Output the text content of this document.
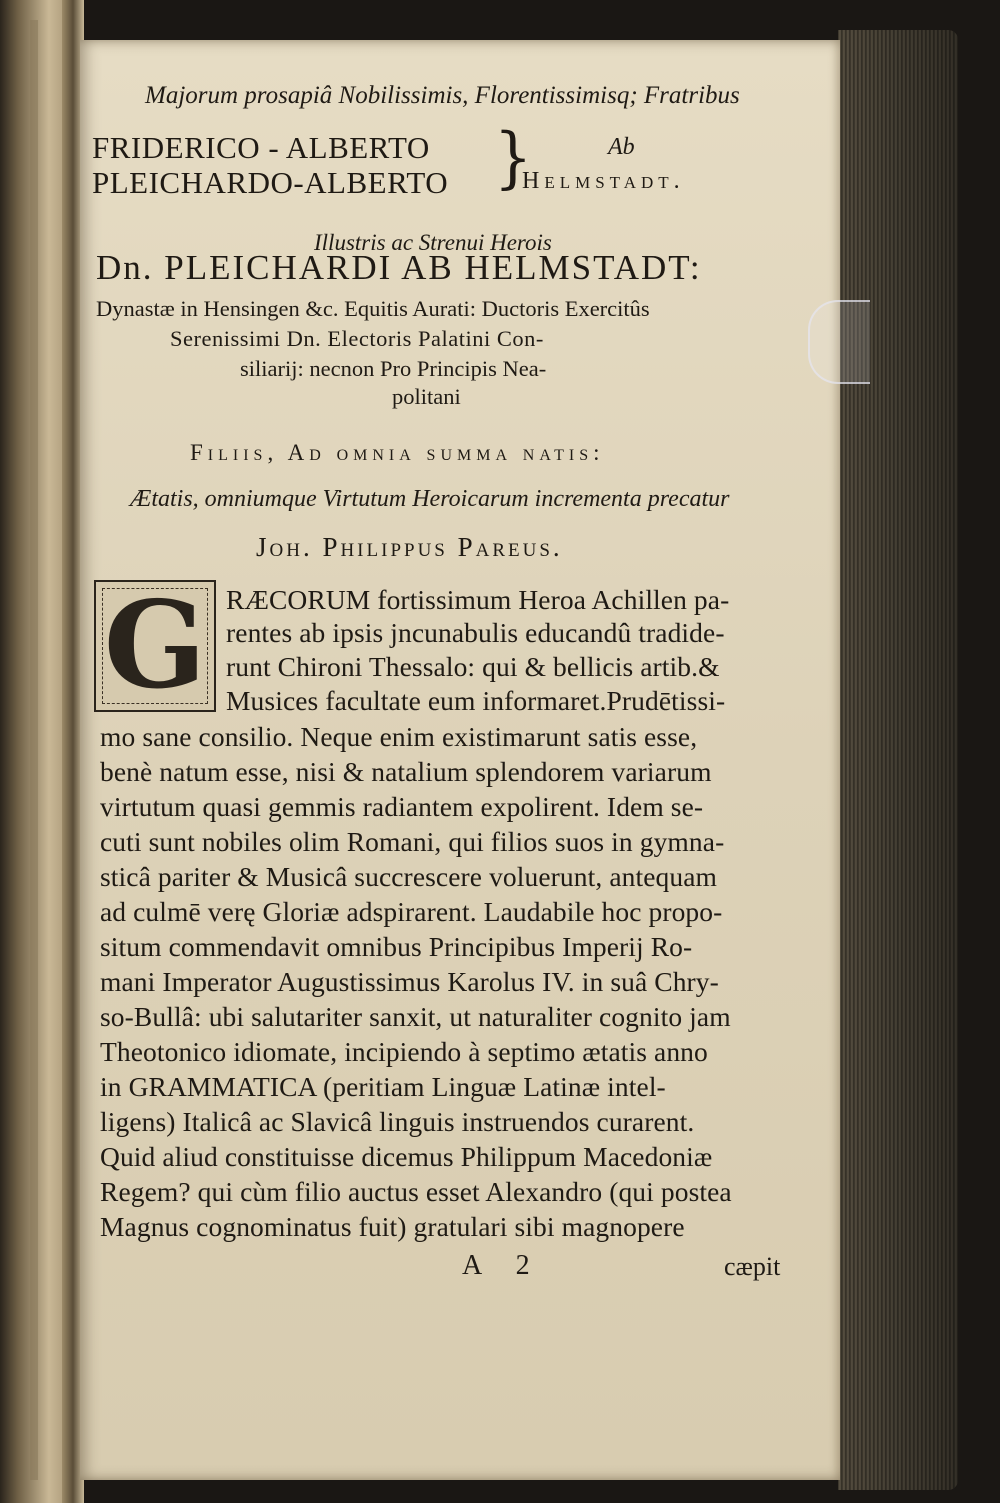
Majorum prosapiâ Nobilissimis, Florentissimisq; Fratribus
FRIDERICO - ALBERTO
PLEICHARDO-ALBERTO }	Ab
Helmstadt.
Illustris ac Strenui Herois
Dn. PLEICHARDI AB HELMSTADT:
Dynastæ in Hensingen &c. Equitis Aurati: Ductoris Exercitûs
Serenissimi Dn. Electoris Palatini Con-
siliarij: necnon Pro Principis Nea-
politani
Filiis, Ad omnia summa natis:
Ætatis, omniumque Virtutum Heroicarum incrementa precatur
Joh. Philippus Pareus.
G RÆCORUM fortissimum Heroa Achillen pa-
rentes ab ipsis jncunabulis educandû tradide-
runt Chironi Thessalo: qui & bellicis artib.&
Musices facultate eum informaret.Prudētissi-
mo sane consilio. Neque enim existimarunt satis esse,
benè natum esse, nisi & natalium splendorem variarum
virtutum quasi gemmis radiantem expolirent. Idem se-
cuti sunt nobiles olim Romani, qui filios suos in gymna-
sticâ pariter & Musicâ succrescere voluerunt, antequam
ad culmē verę Gloriæ adspirarent. Laudabile hoc propo-
situm commendavit omnibus Principibus Imperij Ro-
mani Imperator Augustissimus Karolus IV. in suâ Chry-
so-Bullâ: ubi salutariter sanxit, ut naturaliter cognito jam
Theotonico idiomate, incipiendo à septimo ætatis anno
in GRAMMATICA (peritiam Linguæ Latinæ intel-
ligens) Italicâ ac Slavicâ linguis instruendos curarent.
Quid aliud constituisse dicemus Philippum Macedoniæ
Regem? qui cùm filio auctus esset Alexandro (qui postea
Magnus cognominatus fuit) gratulari sibi magnopere
A 2	cæpit
